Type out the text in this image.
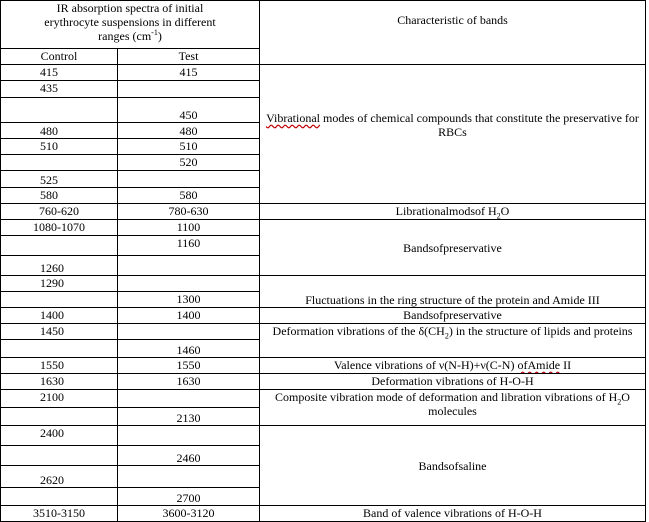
IR absorption spectra of initial
erythrocyte suspensions in different
ranges $(cm^{-1})$		Characteristic of bands
Control	Test	
415	415	Vibrational modes of chemical compounds that constitute the preservative for RBCs
435		
	450	
480	480	
510	510	
	520	
525		
580	580	
760-620	780-630	Librationalmodsof $H_2O$
1080-1070	1100	Bandsofpreservative
	1160	
1260		
1290		Fluctuations in the ring structure of the protein and Amide III
	1300	
1400	1400	Bandsofpreservative
1450		Deformation vibrations of the $\delta(CH_2)$ in the structure of lipids and proteins
	1460	
1550	1550	Valence vibrations of ν(N-H)+ν(C-N) ofAmide II
1630	1630	Deformation vibrations of H-O-H
2100		Composite vibration mode of deformation and libration vibrations of $H_2O$ molecules
	2130	
2400		Bandsofsaline
	2460	
2620		
	2700	
3510-3150	3600-3120	Band of valence vibrations of H-O-H
